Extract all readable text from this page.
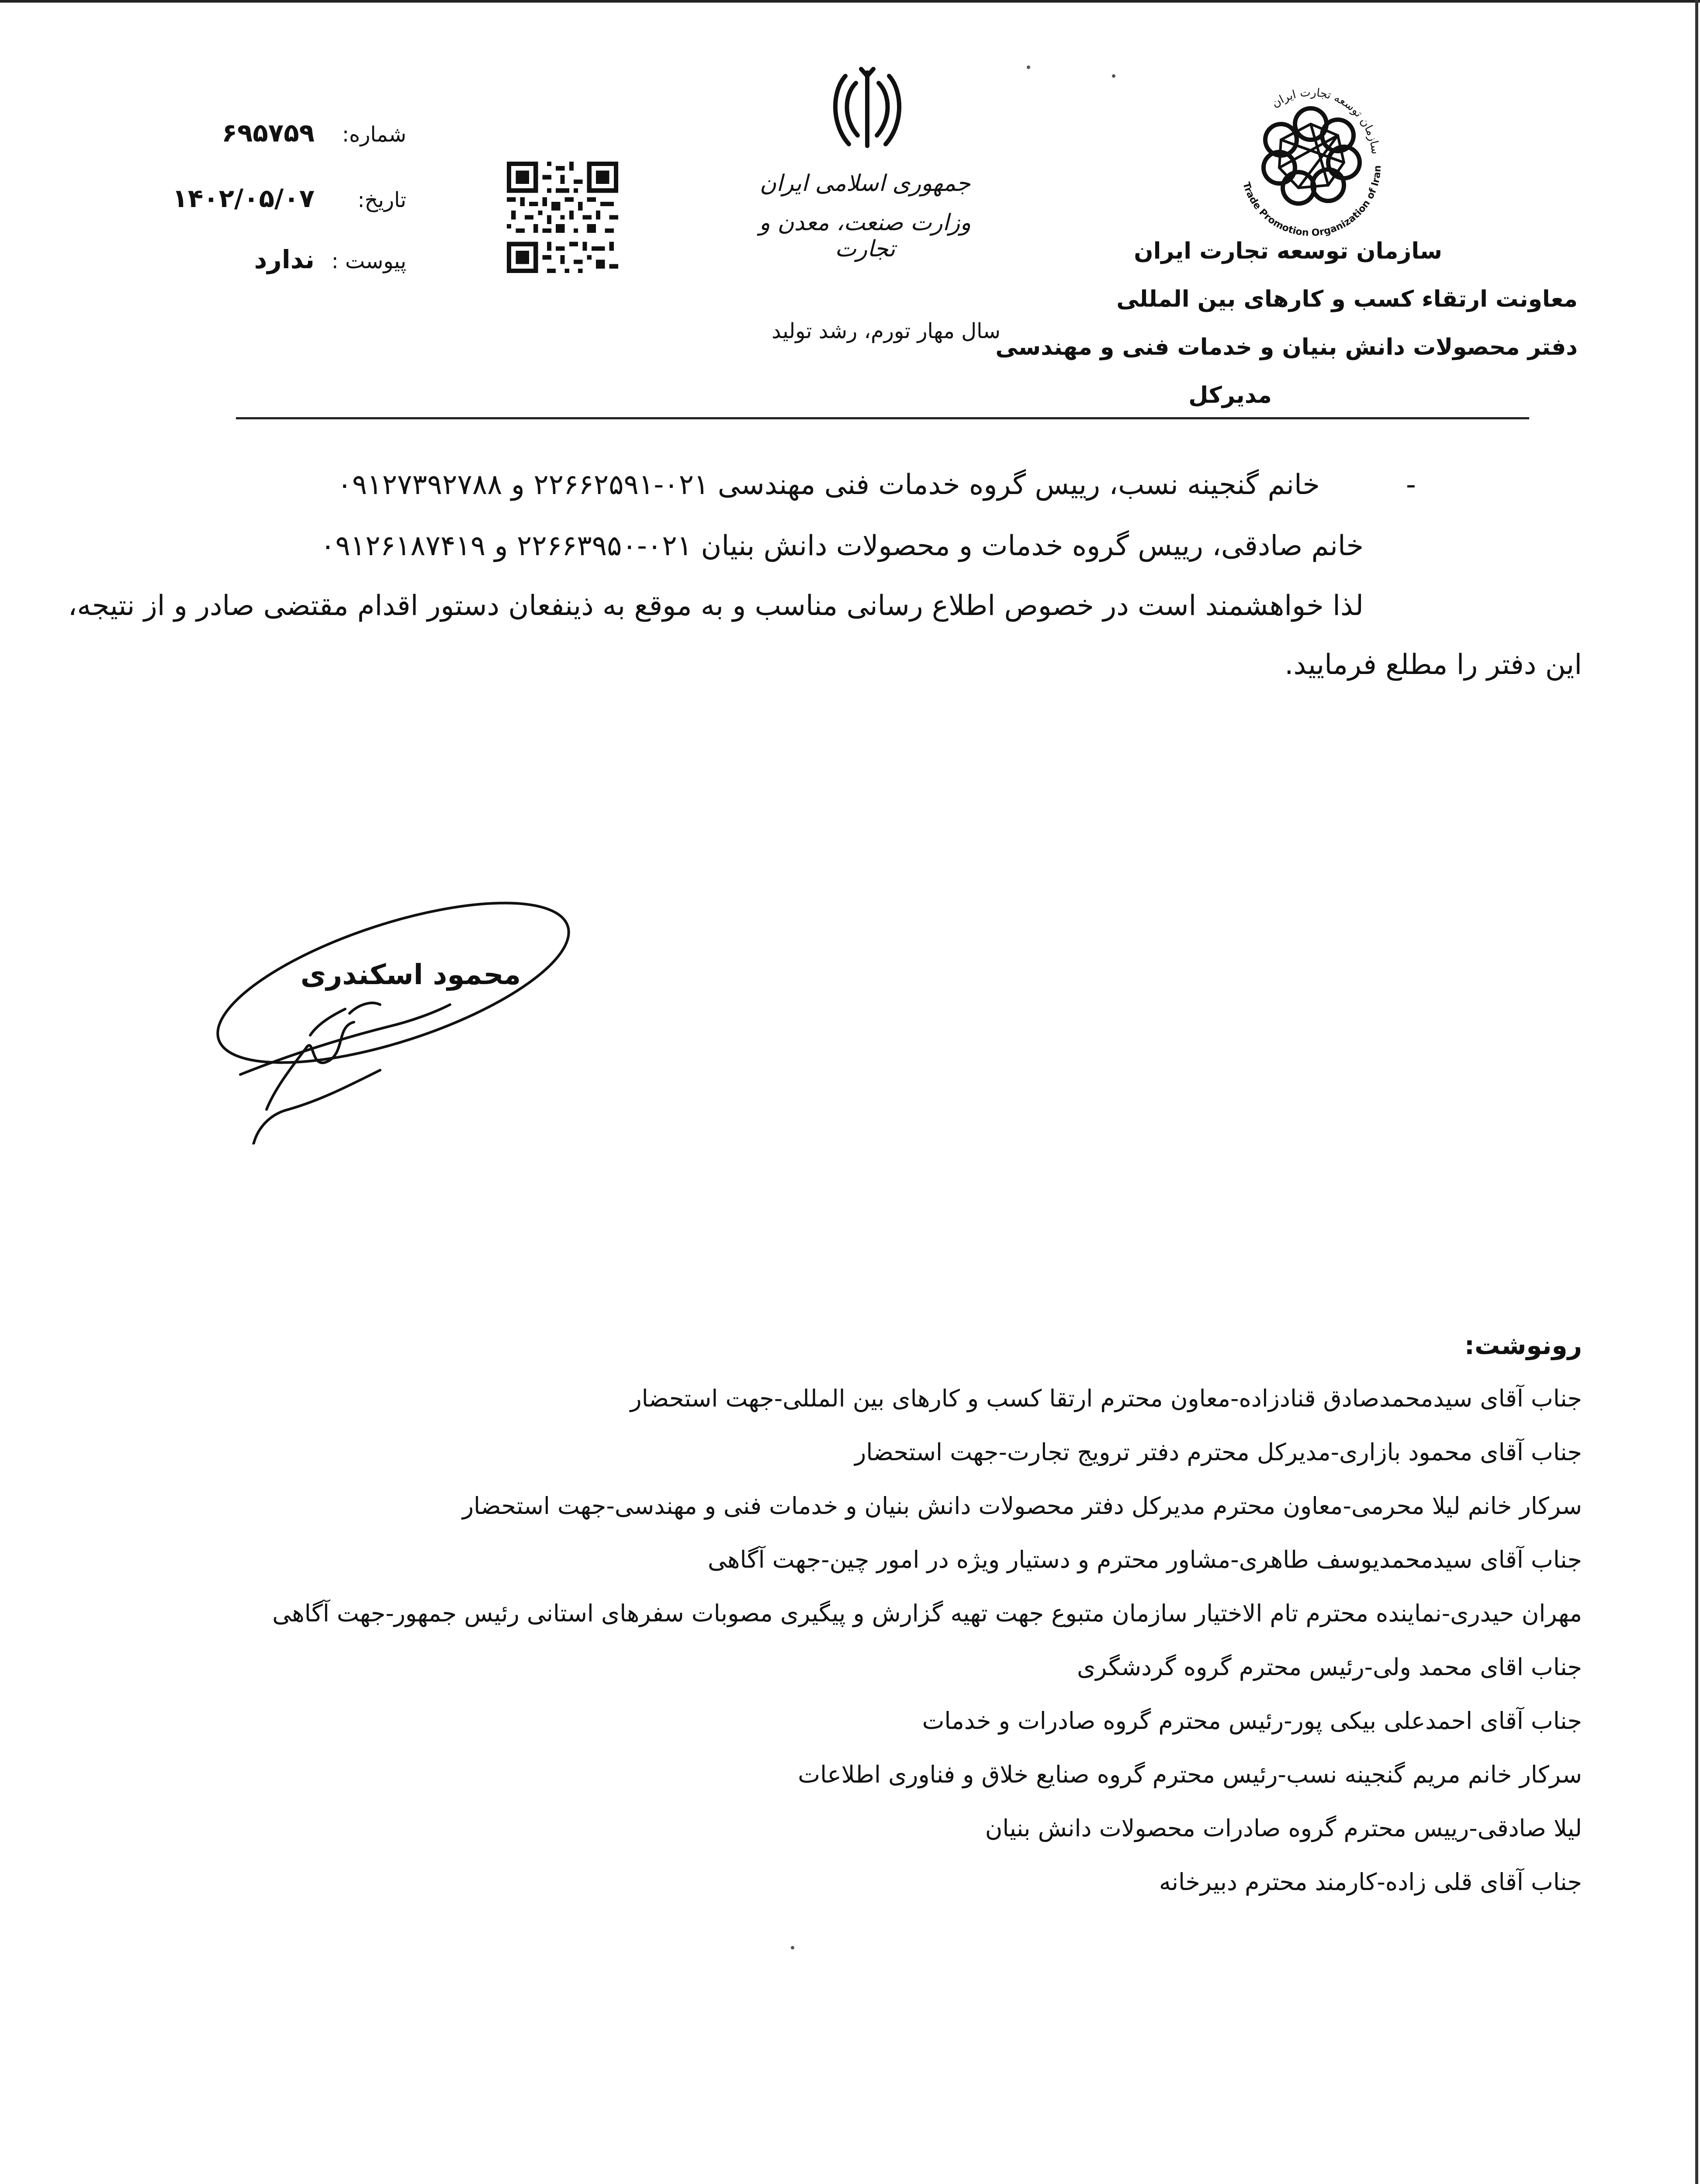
شماره:
۶۹۵۷۵۹
تاریخ:
۱۴۰۲/۰۵/۰۷
پیوست :
ندارد
جمهوری اسلامی ایران
وزارت صنعت، معدن و تجارت
سال مهار تورم، رشد تولید
سازمان توسعه تجارت ایران
Trade Promotion Organization of Iran
سازمان توسعه تجارت ایران
معاونت ارتقاء کسب و کارهای بین المللی
دفتر محصولات دانش بنیان و خدمات فنی و مهندسی
مدیرکل
-خانم گنجینه نسب، رییس گروه خدمات فنی مهندسی ۰۲۱-۲۲۶۶۲۵۹۱ و ۰۹۱۲۷۳۹۲۷۸۸
خانم صادقی، رییس گروه خدمات و محصولات دانش بنیان ۰۲۱-۲۲۶۶۳۹۵۰ و ۰۹۱۲۶۱۸۷۴۱۹
لذا خواهشمند است در خصوص اطلاع رسانی مناسب و به موقع به ذینفعان دستور اقدام مقتضی صادر و از نتیجه،
این دفتر را مطلع فرمایید.
محمود اسکندری
رونوشت:
جناب آقای سیدمحمدصادق قنادزاده-معاون محترم ارتقا کسب و کارهای بین المللی-جهت استحضار
جناب آقای محمود بازاری-مدیرکل محترم دفتر ترویج تجارت-جهت استحضار
سرکار خانم لیلا محرمی-معاون محترم مدیرکل دفتر محصولات دانش بنیان و خدمات فنی و مهندسی-جهت استحضار
جناب آقای سیدمحمدیوسف طاهری-مشاور محترم و دستیار ویژه در امور چین-جهت آگاهی
مهران حیدری-نماینده محترم تام الاختیار سازمان متبوع جهت تهیه گزارش و پیگیری مصوبات سفرهای استانی رئیس جمهور-جهت آگاهی
جناب اقای محمد ولی-رئیس محترم گروه گردشگری
جناب آقای احمدعلی بیکی پور-رئیس محترم گروه صادرات و خدمات
سرکار خانم مریم گنجینه نسب-رئیس محترم گروه صنایع خلاق و فناوری اطلاعات
لیلا صادقی-رییس محترم گروه صادرات محصولات دانش بنیان
جناب آقای قلی زاده-کارمند محترم دبیرخانه
